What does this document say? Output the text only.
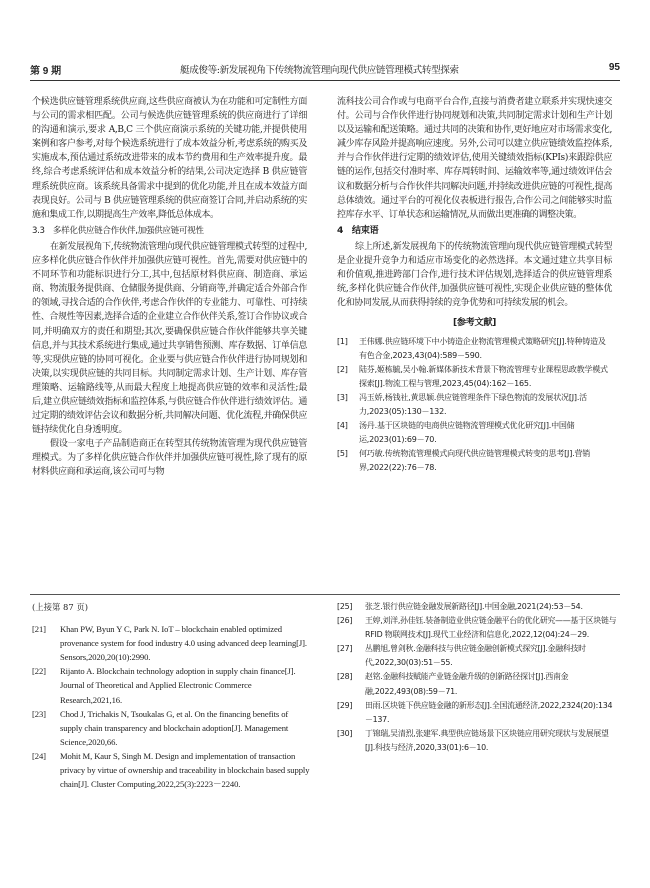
第 9 期	艇成俊等:新发展视角下传统物流管理向现代供应链管理模式转型探索	95

个候选供应链管理系统供应商,这些供应商被认为在功能和可定制性方面与公司的需求相匹配。公司与候选供应链管理系统的供应商进行了详细的沟通和演示,要求 A,B,C 三个供应商演示系统的关键功能,并提供使用案例和客户参考,对每个候选系统进行了成本效益分析,考虑系统的购买及实施成本,预估通过系统改进带来的成本节约费用和生产效率提升度。最终,综合考虑系统评估和成本效益分析的结果,公司决定选择 B 供应链管理系统供应商。该系统具备需求中提到的优化功能,并且在成本效益方面表现良好。公司与 B 供应链管理系统的供应商签订合同,并启动系统的实施和集成工作,以期提高生产效率,降低总体成本。

3.3　多样化供应链合作伙伴,加强供应链可视性

在新发展视角下,传统物流管理向现代供应链管理模式转型的过程中,应多样化供应链合作伙伴并加强供应链可视性。首先,需要对供应链中的不同环节和功能标识进行分工,其中,包括原材料供应商、制造商、承运商、物流服务提供商、仓储服务提供商、分销商等,并确定适合外部合作的领域,寻找合适的合作伙伴,考虑合作伙伴的专业能力、可靠性、可持续性、合规性等因素,选择合适的企业建立合作伙伴关系,签订合作协议或合同,并明确双方的责任和期望;其次,要确保供应链合作伙伴能够共享关键信息,并与其技术系统进行集成,通过共享销售预测、库存数据、订单信息等,实现供应链的协同可视化。企业要与供应链合作伙伴进行协同规划和决策,以实现供应链的共同目标。共同制定需求计划、生产计划、库存管理策略、运输路线等,从而最大程度上地提高供应链的效率和灵活性;最后,建立供应链绩效指标和监控体系,与供应链合作伙伴进行绩效评估。通过定期的绩效评估会议和数据分析,共同解决问题、优化流程,并确保供应链持续优化自身透明度。

假设一家电子产品制造商正在转型其传统物流管理为现代供应链管理模式。为了多样化供应链合作伙伴并加强供应链可视性,除了现有的原材料供应商和承运商,该公司可与物

流科技公司合作或与电商平台合作,直接与消费者建立联系并实现快速交付。公司与合作伙伴进行协同规划和决策,共同制定需求计划和生产计划以及运输和配送策略。通过共同的决策和协作,更好地应对市场需求变化,减少库存风险并提高响应速度。另外,公司可以建立供应链绩效监控体系,并与合作伙伴进行定期的绩效评估,使用关键绩效指标(KPIs)来跟踪供应链的运作,包括交付准时率、库存周转时间、运输效率等,通过绩效评估会议和数据分析与合作伙伴共同解决问题,并持续改进供应链的可视性,提高总体绩效。通过平台的可视化仪表板进行报告,合作公司之间能够实时监控库存水平、订单状态和运输情况,从而做出更准确的调整决策。

4　结束语

综上所述,新发展视角下的传统物流管理向现代供应链管理模式转型是企业提升竞争力和适应市场变化的必然选择。本文通过建立共享目标和价值观,推进跨部门合作,进行技术评估规划,选择适合的供应链管理系统,多样化供应链合作伙伴,加强供应链可视性,实现企业供应链的整体优化和协同发展,从而获得持续的竞争优势和可持续发展的机会。

[参考文献]
[1] 王伟娜.供应链环境下中小铸造企业物流管理模式策略研究[J].特种铸造及有色合金,2023,43(04):589－590.
[2] 陆芬,姬栋毓,吴小翰.新媒体新技术背景下物流管理专业课程思政教学模式探索[J].物流工程与管理,2023,45(04):162－165.
[3] 冯玉娇,杨钱社,黄思颖.供应链管理条件下绿色物流的发展状况[J].活力,2023(05):130－132.
[4] 汤丹.基于区块链的电商供应链物流管理模式优化研究[J].中国储运,2023(01):69－70.
[5] 何巧敏.传统物流管理模式向现代供应链管理模式转变的思考[J].营销界,2022(22):76－78.
(上接第 87 页)
[21] Khan PW, Byun Y C, Park N. IoT – blockchain enabled optimized provenance system for food industry 4.0 using advanced deep learning[J]. Sensors,2020,20(10):2990.
[22] Rijanto A. Blockchain technology adoption in supply chain finance[J]. Journal of Theoretical and Applied Electronic Commerce Research,2021,16.
[23] Chod J, Trichakis N, Tsoukalas G, et al. On the financing benefits of supply chain transparency and blockchain adoption[J]. Management Science,2020,66.
[24] Mohit M, Kaur S, Singh M. Design and implementation of transaction privacy by virtue of ownership and traceability in blockchain based supply chain[J]. Cluster Computing,2022,25(3):2223－2240.
[25] 张芝.银行供应链金融发展新路径[J].中国金融,2021(24):53－54.
[26] 王婷,刘洋,孙佳钰.装备制造业供应链金融平台的优化研究——基于区块链与 RFID 物联网技术[J].现代工业经济和信息化,2022,12(04):24－29.
[27] 丛鹏旭,曾剑秋.金融科技与供应链金融创新模式探究[J].金融科技时代,2022,30(03):51－55.
[28] 赵铭.金融科技赋能产业链金融升级的创新路径探讨[J].西南金融,2022,493(08):59－71.
[29] 田雨.区块链下供应链金融的新形态[J].全国流通经济,2022,2324(20):134－137.
[30] 丁锦瑞,吴清烈,张建军.典型供应链场景下区块链应用研究现状与发展展望[J].科技与经济,2020,33(01):6－10.
